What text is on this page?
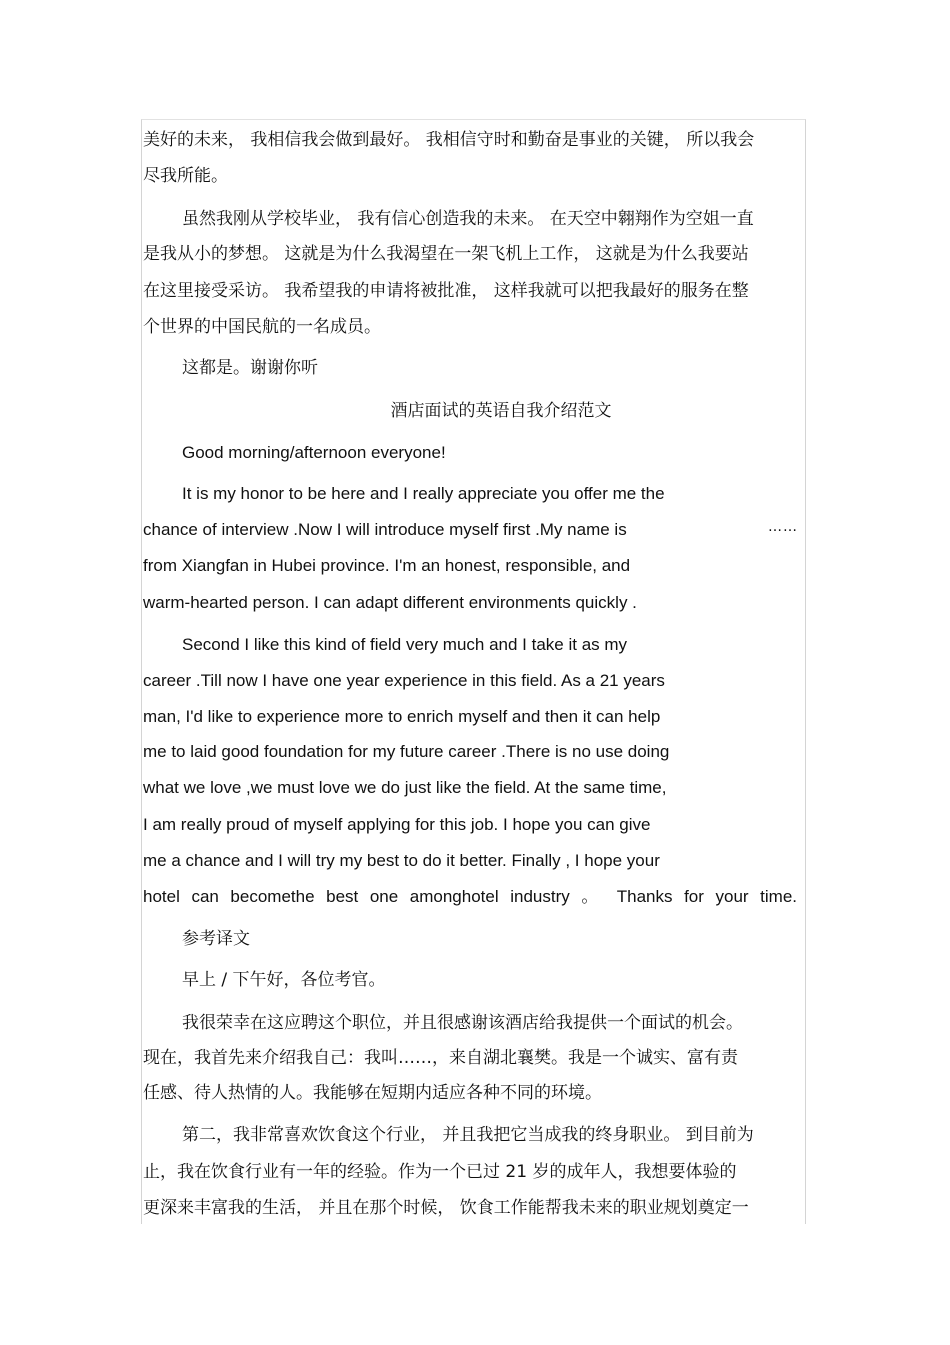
美好的未来， 我相信我会做到最好。 我相信守时和勤奋是事业的关键， 所以我会

尽我所能。

虽然我刚从学校毕业， 我有信心创造我的未来。 在天空中翱翔作为空姐一直

是我从小的梦想。 这就是为什么我渴望在一架飞机上工作， 这就是为什么我要站

在这里接受采访。 我希望我的申请将被批准， 这样我就可以把我最好的服务在整

个世界的中国民航的一名成员。

这都是。谢谢你听

酒店面试的英语自我介绍范文

Good morning/afternoon everyone!

It is my honor to be here and I really appreciate you offer me the

chance of interview .Now I will introduce myself first .My name is	……

from Xiangfan in Hubei province. I'm an honest, responsible, and

warm-hearted person. I can adapt different environments quickly .

Second I like this kind of field very much and I take it as my

career .Till now I have one year experience in this field. As a 21 years

man, I'd like to experience more to enrich myself and then it can help

me to laid good foundation for my future career .There is no use doing

what we love ,we must love we do just like the field. At the same time,

I am really proud of myself applying for this job. I hope you can give

me a chance and I will try my best to do it better. Finally , I hope your

hotel can becomethe best one amonghotel industry 。 Thanks for your time.

参考译文

早上 / 下午好，各位考官。

我很荣幸在这应聘这个职位，并且很感谢该酒店给我提供一个面试的机会。

现在，我首先来介绍我自己：我叫……，来自湖北襄樊。我是一个诚实、富有责

任感、待人热情的人。我能够在短期内适应各种不同的环境。

第二，我非常喜欢饮食这个行业， 并且我把它当成我的终身职业。 到目前为

止，我在饮食行业有一年的经验。作为一个已过 21 岁的成年人，我想要体验的

更深来丰富我的生活， 并且在那个时候， 饮食工作能帮我未来的职业规划奠定一
